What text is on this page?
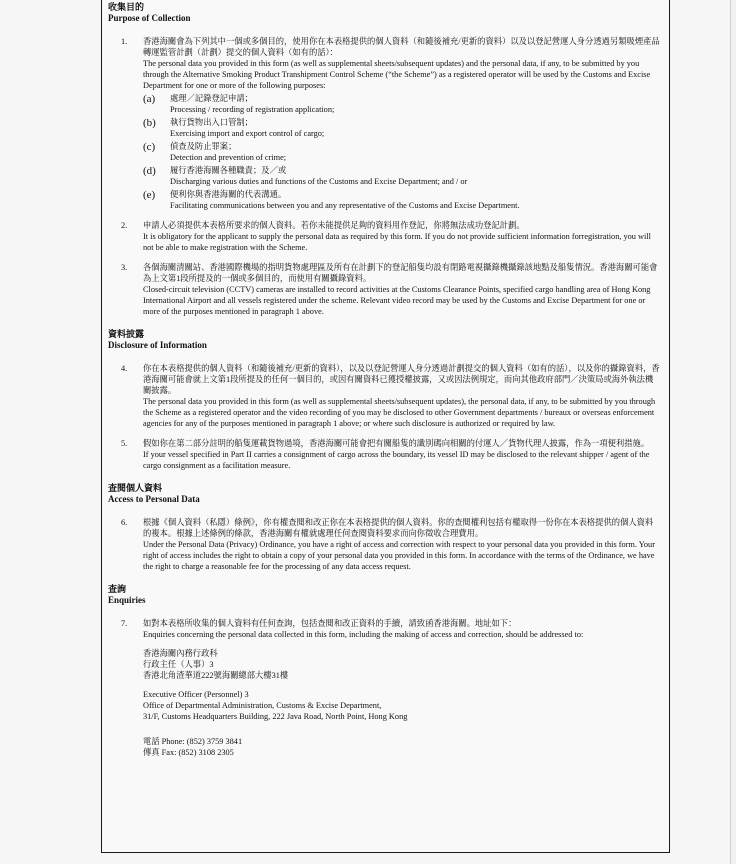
收集目的

Purpose of Collection

1. 香港海關會為下列其中一個或多個目的，使用你在本表格提供的個人資料（和隨後補充/更新的資料）以及以登記營運人身分透過另類吸煙產品轉運監管計劃（計劃）提交的個人資料（如有的話）：

The personal data you provided in this form (as well as supplemental sheets/subsequent updates) and the personal data, if any, to be submitted by you through the Alternative Smoking Product Transhipment Control Scheme (“the Scheme”) as a registered operator will be used by the Customs and Excise Department for one or more of the following purposes:

(a) 處理／記錄登記申請；

Processing / recording of registration application;

(b) 執行貨物出入口管制；

Exercising import and export control of cargo;

(c) 偵查及防止罪案；

Detection and prevention of crime;

(d) 履行香港海關各種職責；及／或

Discharging various duties and functions of the Customs and Excise Department; and / or

(e) 便利你與香港海關的代表溝通。

Facilitating communications between you and any representative of the Customs and Excise Department.

2. 申請人必須提供本表格所要求的個人資料。若你未能提供足夠的資料用作登記，你將無法成功登記計劃。

It is obligatory for the applicant to supply the personal data as required by this form. If you do not provide sufficient information forregistration, you will not be able to make registration with the Scheme.

3. 各個海關清關站、香港國際機場的指明貨物處理區及所有在計劃下的登記船隻均設有閉路電視攝錄機攝錄該地點及船隻情況。香港海關可能會為上文第1段所提及的一個或多個目的，而使用有關攝錄資料。

Closed-circuit television (CCTV) cameras are installed to record activities at the Customs Clearance Points, specified cargo handling area of Hong Kong International Airport and all vessels registered under the scheme. Relevant video record may be used by the Customs and Excise Department for one or more of the purposes mentioned in paragraph 1 above.

資料披露

Disclosure of Information

4. 你在本表格提供的個人資料（和隨後補充/更新的資料），以及以登記營運人身分透過計劃提交的個人資料（如有的話），以及你的攝錄資料，香港海關可能會就上文第1段所提及的任何一個目的，或因有關資料已獲授權披露，又或因法例規定，而向其他政府部門／決策局或海外執法機關披露。

The personal data you provided in this form (as well as supplemental sheets/subsequent updates), the personal data, if any, to be submitted by you through the Scheme as a registered operator and the video recording of you may be disclosed to other Government departments / bureaux or overseas enforcement agencies for any of the purposes mentioned in paragraph 1 above; or where such disclosure is authorized or required by law.

5. 假如你在第二部分註明的船隻運載貨物過境，香港海關可能會把有關船隻的識別碼向相關的付運人／貨物代理人披露，作為一項便利措施。

If your vessel specified in Part II carries a consignment of cargo across the boundary, its vessel ID may be disclosed to the relevant shipper / agent of the cargo consignment as a facilitation measure.

查閱個人資料

Access to Personal Data

6. 根據《個人資料（私隱）條例》，你有權查閱和改正你在本表格提供的個人資料。你的查閱權利包括有權取得一份你在本表格提供的個人資料的複本。根據上述條例的條款，香港海關有權就處理任何查閱資料要求而向你徵收合理費用。

Under the Personal Data (Privacy) Ordinance, you have a right of access and correction with respect to your personal data you provided in this form. Your right of access includes the right to obtain a copy of your personal data you provided in this form. In accordance with the terms of the Ordinance, we have the right to charge a reasonable fee for the processing of any data access request.

查詢

Enquiries

7. 如對本表格所收集的個人資料有任何查詢，包括查閱和改正資料的手續，請致函香港海關。地址如下：

Enquiries concerning the personal data collected in this form, including the making of access and correction, should be addressed to:

香港海關內務行政科

行政主任（人事）3

香港北角渣華道222號海關總部大樓31樓

Executive Officer (Personnel) 3

Office of Departmental Administration, Customs & Excise Department,

31/F, Customs Headquarters Building, 222 Java Road, North Point, Hong Kong

電話 Phone: (852) 3759 3841

傳真 Fax: (852) 3108 2305
